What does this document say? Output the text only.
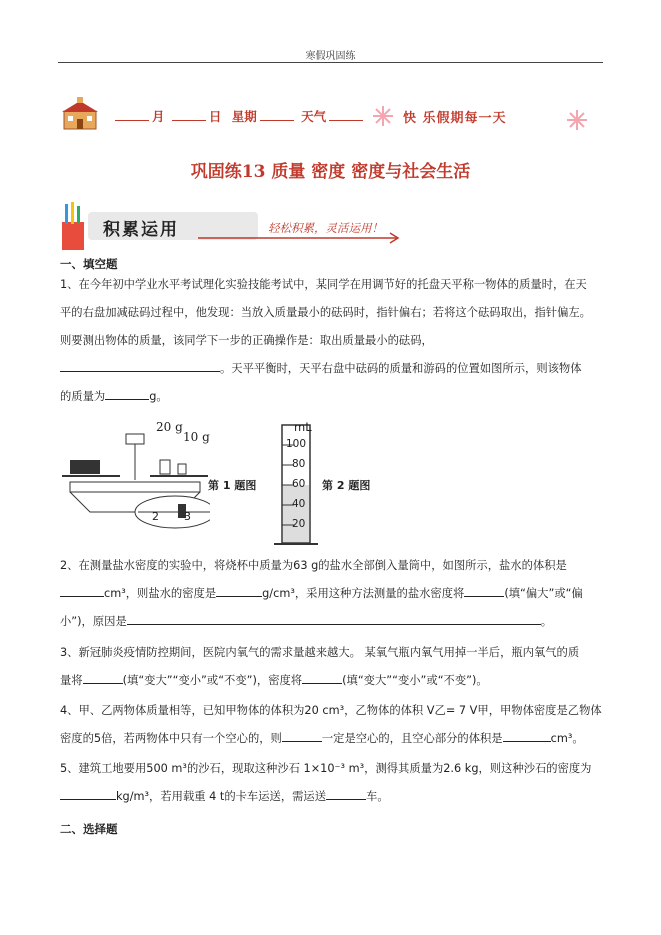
寒假巩固练
月	日 星期	天气	快 乐假期每一天
巩固练13 质量 密度 密度与社会生活
积累运用	轻松积累，灵活运用！
一、填空题
1、在今年初中学业水平考试理化实验技能考试中，某同学在用调节好的托盘天平称一物体的质量时，在天
平的右盘加减砝码过程中，他发现：当放入质量最小的砝码时，指针偏右；若将这个砝码取出，指针偏左。
则要测出物体的质量，该同学下一步的正确操作是：取出质量最小的砝码，
。天平平衡时，天平右盘中砝码的质量和游码的位置如图所示，则该物体
的质量为	g。
20 g
10 g
2 3
第 1 题图
mL
100
80
60
40
20
第 2 题图
2、在测量盐水密度的实验中，将烧杯中质量为63 g的盐水全部倒入量筒中，如图所示，盐水的体积是
cm³，则盐水的密度是	g/cm³，采用这种方法测量的盐水密度将	(填“偏大”或“偏
小”)，原因是	。
3、新冠肺炎疫情防控期间，医院内氧气的需求量越来越大。 某氧气瓶内氧气用掉一半后，瓶内氧气的质
量将	(填“变大”“变小”或“不变”)，密度将	(填“变大”“变小”或“不变”)。
4、甲、乙两物体质量相等，已知甲物体的体积为20 cm³，乙物体的体积 V乙= 7 V甲，甲物体密度是乙物体
密度的5倍，若两物体中只有一个空心的，则	一定是空心的，且空心部分的体积是	cm³。
5、建筑工地要用500 m³的沙石，现取这种沙石 1×10⁻³ m³，测得其质量为2.6 kg，则这种沙石的密度为
kg/m³，若用载重 4 t的卡车运送，需运送	车。
二、选择题
